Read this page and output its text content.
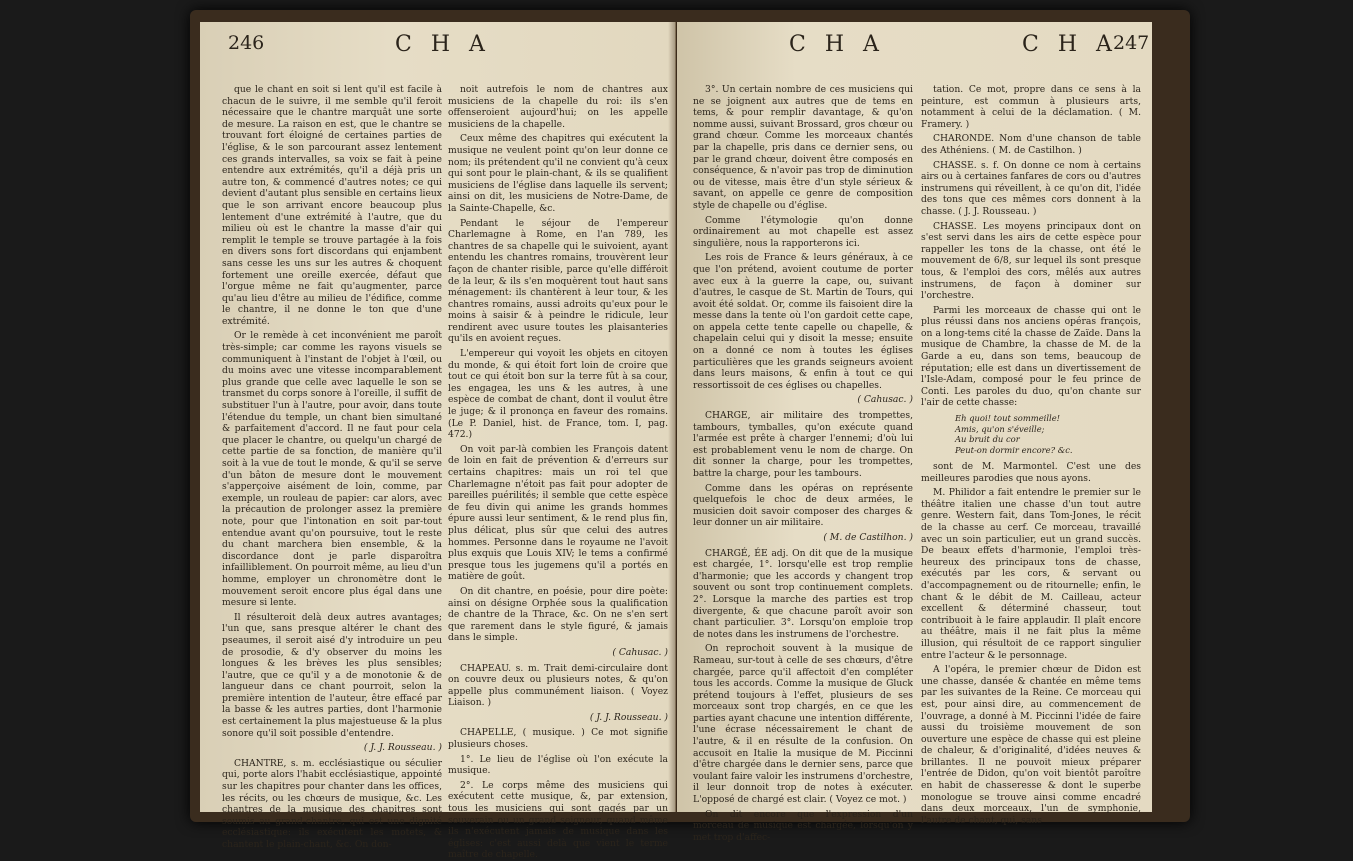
246	C H A

que le chant en soit si lent qu'il est facile à chacun de le suivre, il me semble qu'il feroit nécessaire que le chantre marquât une sorte de mesure. La raison en est, que le chantre se trouvant fort éloigné de certaines parties de l'église, & le son parcourant assez lentement ces grands intervalles, sa voix se fait à peine entendre aux extrémités, qu'il a déjà pris un autre ton, & commencé d'autres notes; ce qui devient d'autant plus sensible en certains lieux que le son arrivant encore beaucoup plus lentement d'une extrémité à l'autre, que du milieu où est le chantre la masse d'air qui remplit le temple se trouve partagée à la fois en divers sons fort discordans qui enjambent sans cesse les uns sur les autres & choquent fortement une oreille exercée, défaut que l'orgue même ne fait qu'augmenter, parce qu'au lieu d'être au milieu de l'édifice, comme le chantre, il ne donne le ton que d'une extrémité.

Or le remède à cet inconvénient me paroît très-simple; car comme les rayons visuels se communiquent à l'instant de l'objet à l'œil, ou du moins avec une vitesse incomparablement plus grande que celle avec laquelle le son se transmet du corps sonore à l'oreille, il suffit de substituer l'un à l'autre, pour avoir, dans toute l'étendue du temple, un chant bien simultané & parfaitement d'accord. Il ne faut pour cela que placer le chantre, ou quelqu'un chargé de cette partie de sa fonction, de manière qu'il soit à la vue de tout le monde, & qu'il se serve d'un bâton de mesure dont le mouvement s'apperçoive aisément de loin, comme, par exemple, un rouleau de papier: car alors, avec la précaution de prolonger assez la première note, pour que l'intonation en soit par-tout entendue avant qu'on poursuive, tout le reste du chant marchera bien ensemble, & la discordance dont je parle disparoîtra infailliblement. On pourroit même, au lieu d'un homme, employer un chronomètre dont le mouvement seroit encore plus égal dans une mesure si lente.

Il résulteroit delà deux autres avantages; l'un que, sans presque altérer le chant des pseaumes, il seroit aisé d'y introduire un peu de prosodie, & d'y observer du moins les longues & les brèves les plus sensibles; l'autre, que ce qu'il y a de monotonie & de langueur dans ce chant pourroit, selon la première intention de l'auteur, être effacé par la basse & les autres parties, dont l'harmonie est certainement la plus majestueuse & la plus sonore qu'il soit possible d'entendre.

( J. J. Rousseau. )

CHANTRE, s. m. ecclésiastique ou séculier qui, porte alors l'habit ecclésiastique, appointé sur les chapitres pour chanter dans les offices, les récits, ou les chœurs de musique, &c. Les chantres de la musique des chapitres sont soumis au grand-chantre, qui est une dignité ecclésiastique: ils exécutent les motets, & chantent le plain-chant, &c. On don-

noit autrefois le nom de chantres aux musiciens de la chapelle du roi: ils s'en offenseroient aujourd'hui; on les appelle musiciens de la chapelle.

Ceux même des chapitres qui exécutent la musique ne veulent point qu'on leur donne ce nom; ils prétendent qu'il ne convient qu'à ceux qui sont pour le plain-chant, & ils se qualifient musiciens de l'église dans laquelle ils servent; ainsi on dit, les musiciens de Notre-Dame, de la Sainte-Chapelle, &c.

Pendant le séjour de l'empereur Charlemagne à Rome, en l'an 789, les chantres de sa chapelle qui le suivoient, ayant entendu les chantres romains, trouvèrent leur façon de chanter risible, parce qu'elle différoit de la leur, & ils s'en moquèrent tout haut sans ménagement: ils chantèrent à leur tour, & les chantres romains, aussi adroits qu'eux pour le moins à saisir & à peindre le ridicule, leur rendirent avec usure toutes les plaisanteries qu'ils en avoient reçues.

L'empereur qui voyoit les objets en citoyen du monde, & qui étoit fort loin de croire que tout ce qui étoit bon sur la terre fût à sa cour, les engagea, les uns & les autres, à une espèce de combat de chant, dont il voulut être le juge; & il prononça en faveur des romains. (Le P. Daniel, hist. de France, tom. I, pag. 472.)

On voit par-là combien les François datent de loin en fait de prévention & d'erreurs sur certains chapitres: mais un roi tel que Charlemagne n'étoit pas fait pour adopter de pareilles puérilités; il semble que cette espèce de feu divin qui anime les grands hommes épure aussi leur sentiment, & le rend plus fin, plus délicat, plus sûr que celui des autres hommes. Personne dans le royaume ne l'avoit plus exquis que Louis XIV; le tems a confirmé presque tous les jugemens qu'il a portés en matière de goût.

On dit chantre, en poésie, pour dire poète: ainsi on désigne Orphée sous la qualification de chantre de la Thrace, &c. On ne s'en sert que rarement dans le style figuré, & jamais dans le simple.

( Cahusac. )

CHAPEAU. s. m. Trait demi-circulaire dont on couvre deux ou plusieurs notes, & qu'on appelle plus communément liaison. ( Voyez Liaison. )

( J. J. Rousseau. )

CHAPELLE, ( musique. ) Ce mot signifie plusieurs choses.

1°. Le lieu de l'église où l'on exécute la musique.

2°. Le corps même des musiciens qui exécutent cette musique, &, par extension, tous les musiciens qui sont gagés par un souverain ou un grand seigneur, quand même ils n'exécutent jamais de musique dans les églises: c'est aussi delà que vient le terme maître de chapelle.

C H A	C H A
247

3°. Un certain nombre de ces musiciens qui ne se joignent aux autres que de tems en tems, & pour remplir davantage, & qu'on nomme aussi, suivant Brossard, gros chœur ou grand chœur. Comme les morceaux chantés par la chapelle, pris dans ce dernier sens, ou par le grand chœur, doivent être composés en conséquence, & n'avoir pas trop de diminution ou de vitesse, mais être d'un style sérieux & savant, on appelle ce genre de composition style de chapelle ou d'église.

Comme l'étymologie qu'on donne ordinairement au mot chapelle est assez singulière, nous la rapporterons ici.

Les rois de France & leurs généraux, à ce que l'on prétend, avoient coutume de porter avec eux à la guerre la cape, ou, suivant d'autres, le casque de St. Martin de Tours, qui avoit été soldat. Or, comme ils faisoient dire la messe dans la tente où l'on gardoit cette cape, on appela cette tente capelle ou chapelle, & chapelain celui qui y disoit la messe; ensuite on a donné ce nom à toutes les églises particulières que les grands seigneurs avoient dans leurs maisons, & enfin à tout ce qui ressortissoit de ces églises ou chapelles.

( Cahusac. )

CHARGE, air militaire des trompettes, tambours, tymballes, qu'on exécute quand l'armée est prête à charger l'ennemi; d'où lui est probablement venu le nom de charge. On dit sonner la charge, pour les trompettes, battre la charge, pour les tambours.

Comme dans les opéras on représente quelquefois le choc de deux armées, le musicien doit savoir composer des charges & leur donner un air militaire.

( M. de Castilhon. )

CHARGÉ, ÉE adj. On dit que de la musique est chargée, 1°. lorsqu'elle est trop remplie d'harmonie; que les accords y changent trop souvent ou sont trop continuement complets. 2°. Lorsque la marche des parties est trop divergente, & que chacune paroît avoir son chant particulier. 3°. Lorsqu'on emploie trop de notes dans les instrumens de l'orchestre.

On reprochoit souvent à la musique de Rameau, sur-tout à celle de ses chœurs, d'être chargée, parce qu'il affectoit d'en compléter tous les accords. Comme la musique de Gluck prétend toujours à l'effet, plusieurs de ses morceaux sont trop chargés, en ce que les parties ayant chacune une intention différente, l'une écrase nécessairement le chant de l'autre, & il en résulte de la confusion. On accusoit en Italie la musique de M. Piccinni d'être chargée dans le dernier sens, parce que voulant faire valoir les instrumens d'orchestre, il leur donnoit trop de notes à exécuter. L'opposé de chargé est clair. ( Voyez ce mot. )

On dit encore que l'expression d'un morceau de musique est chargée, lorsqu'on y met trop d'affec-

tation. Ce mot, propre dans ce sens à la peinture, est commun à plusieurs arts, notamment à celui de la déclamation. ( M. Framery. )

CHARONDE. Nom d'une chanson de table des Athéniens. ( M. de Castilhon. )

CHASSE. s. f. On donne ce nom à certains airs ou à certaines fanfares de cors ou d'autres instrumens qui réveillent, à ce qu'on dit, l'idée des tons que ces mêmes cors donnent à la chasse. ( J. J. Rousseau. )

CHASSE. Les moyens principaux dont on s'est servi dans les airs de cette espèce pour rappeller les tons de la chasse, ont été le mouvement de 6/8, sur lequel ils sont presque tous, & l'emploi des cors, mêlés aux autres instrumens, de façon à dominer sur l'orchestre.

Parmi les morceaux de chasse qui ont le plus réussi dans nos anciens opéras françois, on a long-tems cité la chasse de Zaïde. Dans la musique de Chambre, la chasse de M. de la Garde a eu, dans son tems, beaucoup de réputation; elle est dans un divertissement de l'Isle-Adam, composé pour le feu prince de Conti. Les paroles du duo, qu'on chante sur l'air de cette chasse:

Eh quoi! tout sommeille!
Amis, qu'on s'éveille;
Au bruit du cor
Peut-on dormir encore? &c.

sont de M. Marmontel. C'est une des meilleures parodies que nous ayons.

M. Philidor a fait entendre le premier sur le théâtre italien une chasse d'un tout autre genre. Western fait, dans Tom-Jones, le récit de la chasse au cerf. Ce morceau, travaillé avec un soin particulier, eut un grand succès. De beaux effets d'harmonie, l'emploi très-heureux des principaux tons de chasse, exécutés par les cors, & servant ou d'accompagnement ou de ritournelle; enfin, le chant & le débit de M. Cailleau, acteur excellent & déterminé chasseur, tout contribuoit à le faire applaudir. Il plaît encore au théâtre, mais il ne fait plus la même illusion, qui résultoit de ce rapport singulier entre l'acteur & le personnage.

A l'opéra, le premier chœur de Didon est une chasse, dansée & chantée en même tems par les suivantes de la Reine. Ce morceau qui est, pour ainsi dire, au commencement de l'ouvrage, a donné à M. Piccinni l'idée de faire aussi du troisième mouvement de son ouverture une espèce de chasse qui est pleine de chaleur, & d'originalité, d'idées neuves & brillantes. Il ne pouvoit mieux préparer l'entrée de Didon, qu'on voit bientôt paroître en habit de chasseresse & dont le superbe monologue se trouve ainsi comme encadré dans deux morceaux, l'un de symphonie, l'autre de chant, qui, sans
